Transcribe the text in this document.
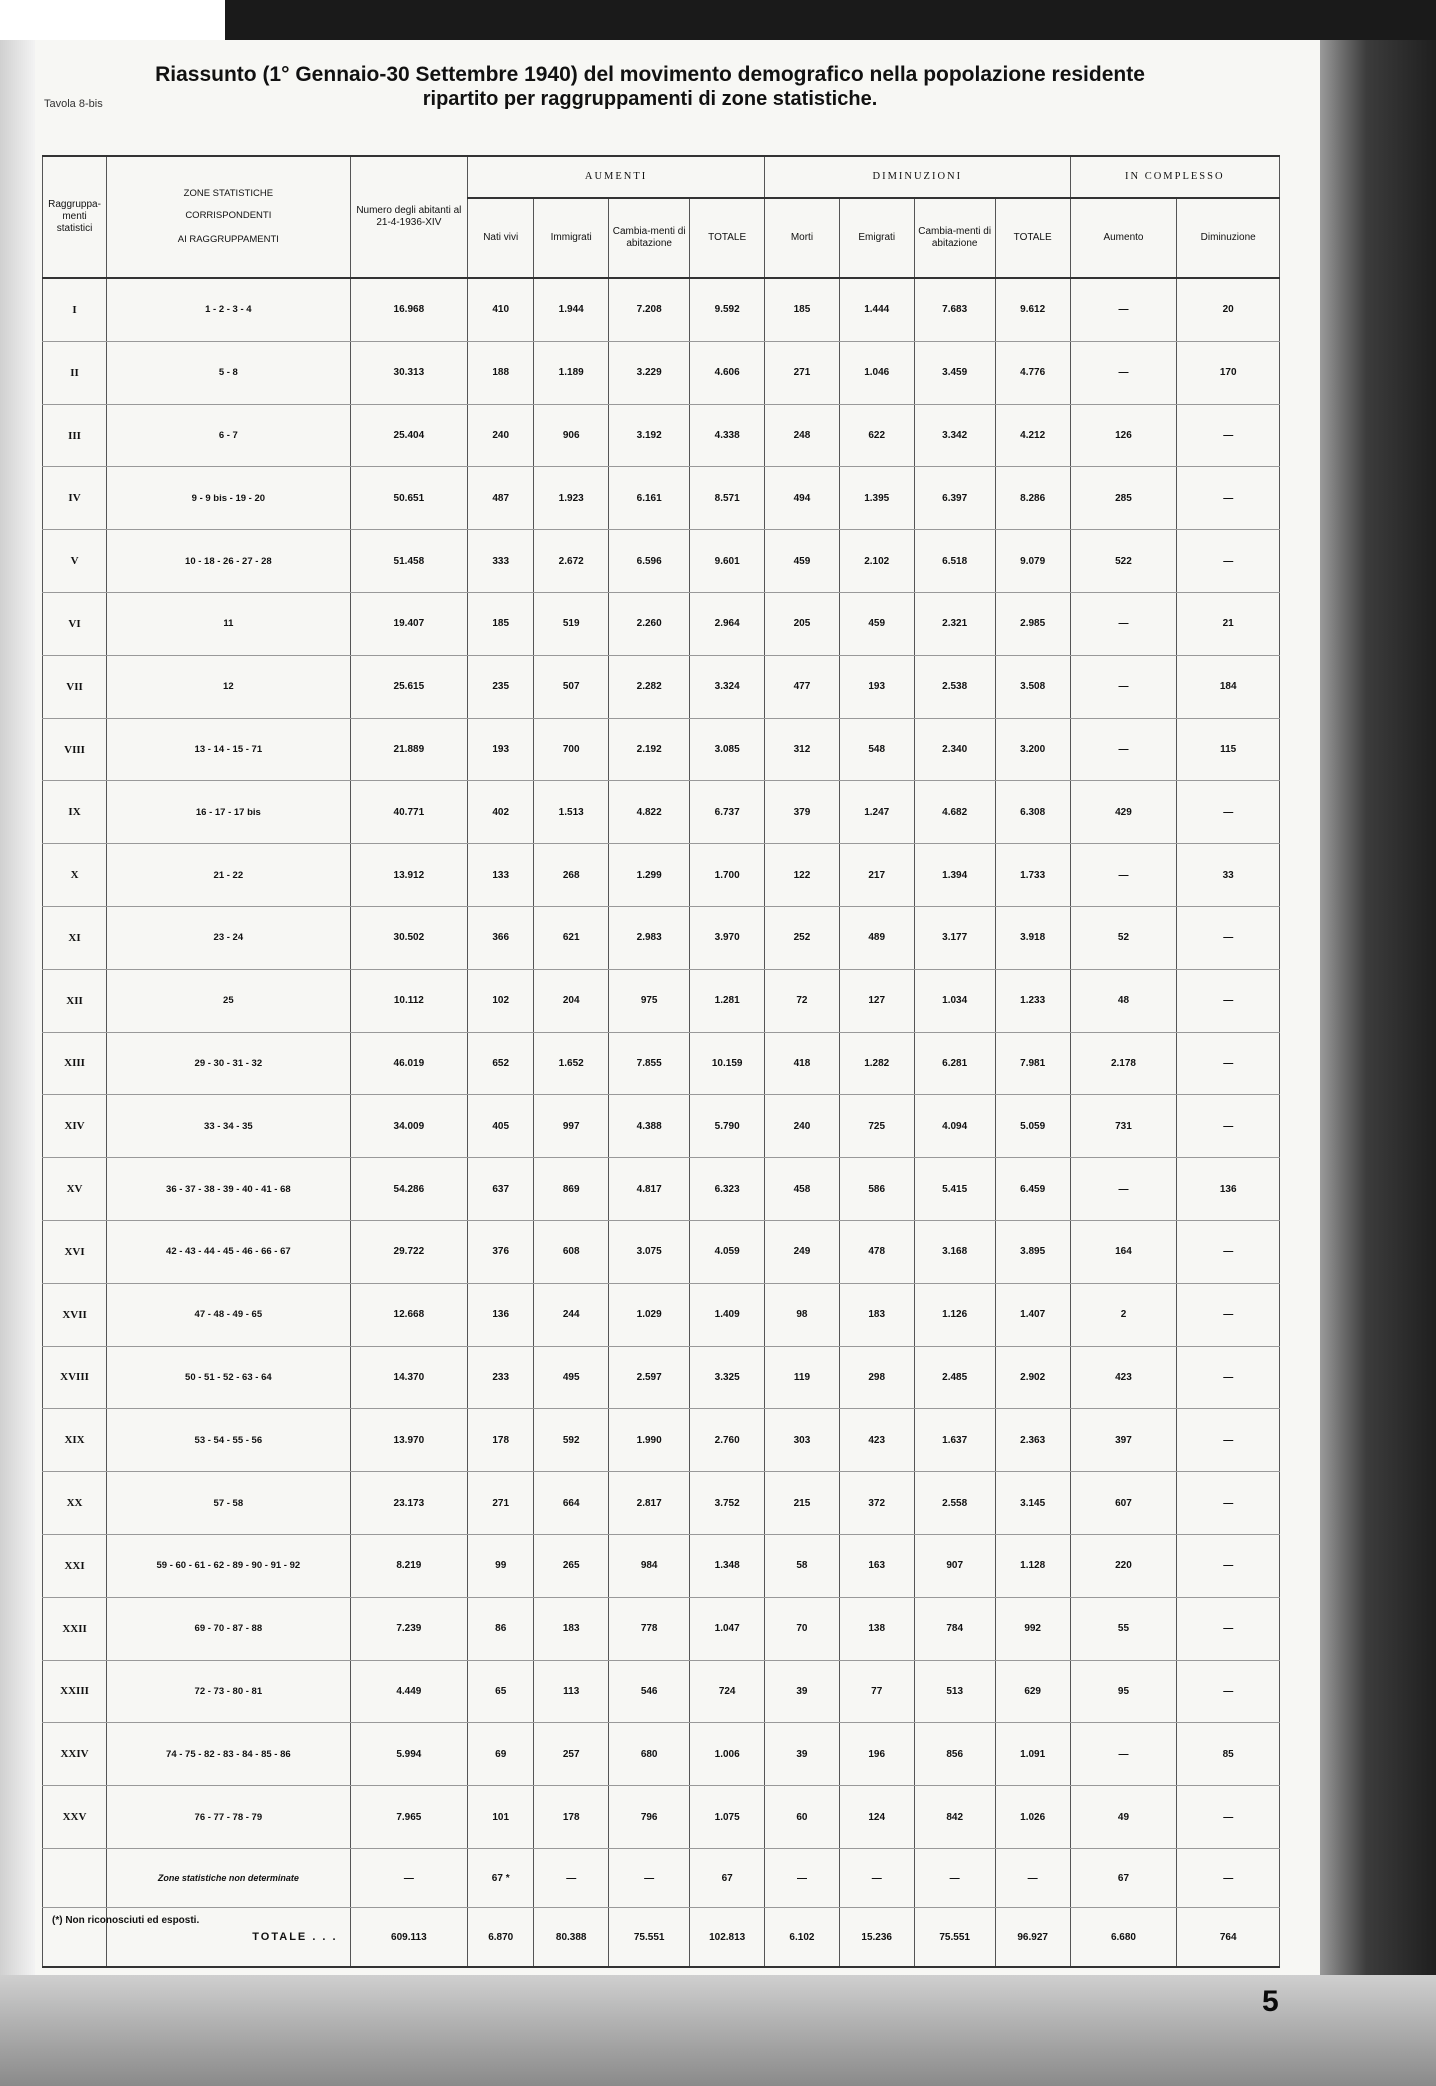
5
Tavola 8-bis
Riassunto (1° Gennaio-30 Settembre 1940) del movimento demografico nella popolazione residente
ripartito per raggruppamenti di zone statistiche.
Raggruppa-menti statistici	ZONE STATISTICHE
CORRISPONDENTI
AI RAGGRUPPAMENTI	Numero degli abitanti al 21-4-1936-XIV	AUMENTI				DIMINUZIONI				IN COMPLESSO	
			Nati vivi	Immigrati	Cambia-menti di abitazione	TOTALE	Morti	Emigrati	Cambia-menti di abitazione	TOTALE	Aumento	Diminuzione
I	1 - 2 - 3 - 4	16.968	410	1.944	7.208	9.592	185	1.444	7.683	9.612	—	20
II	5 - 8	30.313	188	1.189	3.229	4.606	271	1.046	3.459	4.776	—	170
III	6 - 7	25.404	240	906	3.192	4.338	248	622	3.342	4.212	126	—
IV	9 - 9 bis - 19 - 20	50.651	487	1.923	6.161	8.571	494	1.395	6.397	8.286	285	—
V	10 - 18 - 26 - 27 - 28	51.458	333	2.672	6.596	9.601	459	2.102	6.518	9.079	522	—
VI	11	19.407	185	519	2.260	2.964	205	459	2.321	2.985	—	21
VII	12	25.615	235	507	2.282	3.324	477	193	2.538	3.508	—	184
VIII	13 - 14 - 15 - 71	21.889	193	700	2.192	3.085	312	548	2.340	3.200	—	115
IX	16 - 17 - 17 bis	40.771	402	1.513	4.822	6.737	379	1.247	4.682	6.308	429	—
X	21 - 22	13.912	133	268	1.299	1.700	122	217	1.394	1.733	—	33
XI	23 - 24	30.502	366	621	2.983	3.970	252	489	3.177	3.918	52	—
XII	25	10.112	102	204	975	1.281	72	127	1.034	1.233	48	—
XIII	29 - 30 - 31 - 32	46.019	652	1.652	7.855	10.159	418	1.282	6.281	7.981	2.178	—
XIV	33 - 34 - 35	34.009	405	997	4.388	5.790	240	725	4.094	5.059	731	—
XV	36 - 37 - 38 - 39 - 40 - 41 - 68	54.286	637	869	4.817	6.323	458	586	5.415	6.459	—	136
XVI	42 - 43 - 44 - 45 - 46 - 66 - 67	29.722	376	608	3.075	4.059	249	478	3.168	3.895	164	—
XVII	47 - 48 - 49 - 65	12.668	136	244	1.029	1.409	98	183	1.126	1.407	2	—
XVIII	50 - 51 - 52 - 63 - 64	14.370	233	495	2.597	3.325	119	298	2.485	2.902	423	—
XIX	53 - 54 - 55 - 56	13.970	178	592	1.990	2.760	303	423	1.637	2.363	397	—
XX	57 - 58	23.173	271	664	2.817	3.752	215	372	2.558	3.145	607	—
XXI	59 - 60 - 61 - 62 - 89 - 90 - 91 - 92	8.219	99	265	984	1.348	58	163	907	1.128	220	—
XXII	69 - 70 - 87 - 88	7.239	86	183	778	1.047	70	138	784	992	55	—
XXIII	72 - 73 - 80 - 81	4.449	65	113	546	724	39	77	513	629	95	—
XXIV	74 - 75 - 82 - 83 - 84 - 85 - 86	5.994	69	257	680	1.006	39	196	856	1.091	—	85
XXV	76 - 77 - 78 - 79	7.965	101	178	796	1.075	60	124	842	1.026	49	—
	Zone statistiche non determinate	—	67 *	—	—	67	—	—	—	—	67	—
	TOTALE . . .	609.113	6.870	80.388	75.551	102.813	6.102	15.236	75.551	96.927	6.680	764
(*) Non riconosciuti ed esposti.
